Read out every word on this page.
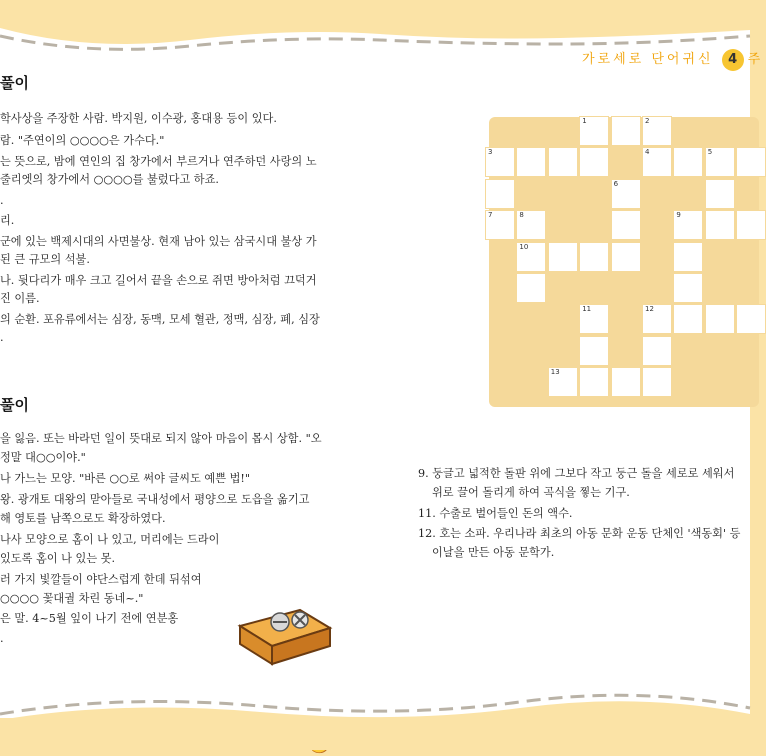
가로세로 단어귀신 4 주
풀이
학사상을 주장한 사람. 박지원, 이수광, 홍대용 등이 있다.
람. "주연이의 ○○○○은 가수다."
는 뜻으로, 밤에 연인의 집 창가에서 부르거나 연주하던 사랑의 노
줄리엣의 창가에서 ○○○○를 불렀다고 하죠.
.
리.
군에 있는 백제시대의 사면불상. 현재 남아 있는 삼국시대 불상 가
된 큰 규모의 석불.
나. 뒷다리가 매우 크고 길어서 끝을 손으로 쥐면 방아처럼 끄덕거
진 이름.
의 순환. 포유류에서는 심장, 동맥, 모세 혈관, 정맥, 심장, 폐, 심장
.
풀이
을 잃음. 또는 바라던 일이 뜻대로 되지 않아 마음이 몹시 상함. "오
정말 대○○이야."
나 가느는 모양. "바른 ○○로 써야 글씨도 예쁜 법!"
왕. 광개토 대왕의 맏아들로 국내성에서 평양으로 도읍을 옮기고
해 영토를 남쪽으로도 확장하였다.
나사 모양으로 홈이 나 있고, 머리에는 드라이
있도록 홈이 나 있는 못.
러 가지 빛깔들이 야단스럽게 한데 뒤섞여
○○○○ 꽃대궐 차린 동네~."
은 말. 4~5월 잎이 나기 전에 연분홍
.
9. 둥글고 넓적한 돌판 위에 그보다 작고 둥근 돌을 세로로 세워서
위로 끌어 돌리게 하여 곡식을 찧는 기구.
11. 수출로 벌어들인 돈의 액수.
12. 호는 소파. 우리나라 최초의 아동 문화 운동 단체인 '색동회' 등
이날을 만든 아동 문학가.
1	2
3	4	5
6
7	8	9
10
11	12
13
